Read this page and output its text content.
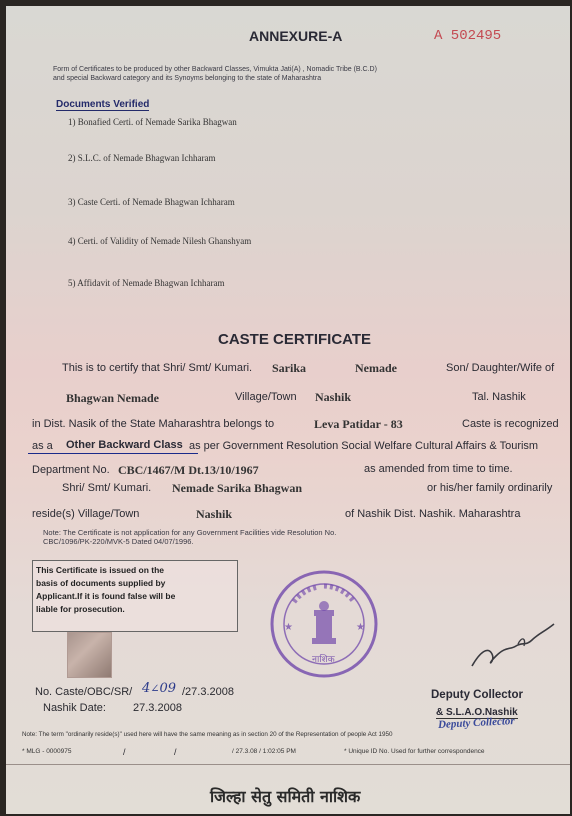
ANNEXURE-A	A 502495
Form of Certificates to be produced by other Backward Classes, Vimukta Jati(A) , Nomadic Tribe (B.C.D)
and special Backward category and its Synoyms belonging to the state of Maharashtra
Documents Verified
1) Bonafied Certi. of Nemade Sarika Bhagwan
2) S.L.C. of Nemade Bhagwan Ichharam
3) Caste Certi. of Nemade Bhagwan Ichharam
4) Certi. of Validity of Nemade Nilesh Ghanshyam
5) Affidavit of Nemade Bhagwan Ichharam
CASTE CERTIFICATE
This is to certify that Shri/ Smt/ Kumari. Sarika	Nemade	Son/ Daughter/Wife of
Bhagwan Nemade	Village/Town Nashik	Tal. Nashik
in Dist. Nasik of the State Maharashtra belongs to	Leva Patidar - 83	Caste is recognized
as a Other Backward Class as per Government Resolution Social Welfare Cultural Affairs & Tourism
Department No. CBC/1467/M Dt.13/10/1967	as amended from time to time.
Shri/ Smt/ Kumari. Nemade Sarika Bhagwan	or his/her family ordinarily
reside(s) Village/Town	Nashik	of Nashik Dist. Nashik. Maharashtra
Note: The Certificate is not application for any Government Facilities vide Resolution No.
CBC/1096/PK-220/MVK-5 Dated 04/07/1996.
This Certificate is issued on the
basis of documents supplied by
Applicant.If it is found false will be
liable for prosecution.
★	★
नाशिक
No. Caste/OBC/SR/ 4∠09 /27.3.2008
Nashik Date: 27.3.2008
Deputy Collector
& S.L.A.O.Nashik
Deputy Collector
Note: The term "ordinarily reside(s)" used here will have the same meaning as in section 20 of the Representation of people Act 1950
* MLG - 0000975	/	/	/ 27.3.08 / 1:02:05 PM	* Unique ID No. Used for further correspondence
जिल्हा सेतु समिती नाशिक
